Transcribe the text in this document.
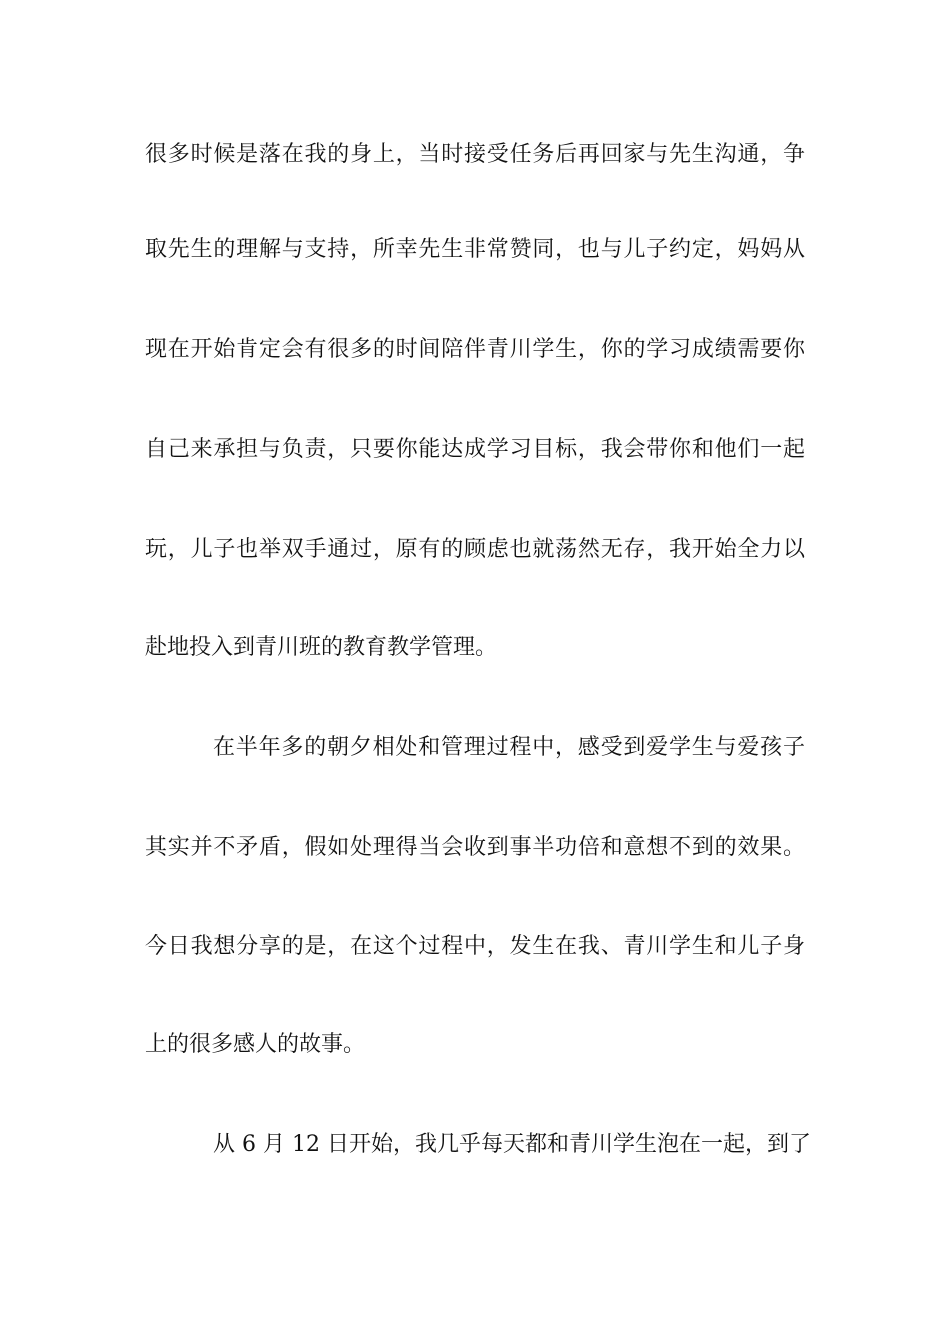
很多时候是落在我的身上，当时接受任务后再回家与先生沟通，争
取先生的理解与支持，所幸先生非常赞同，也与儿子约定，妈妈从
现在开始肯定会有很多的时间陪伴青川学生，你的学习成绩需要你
自己来承担与负责，只要你能达成学习目标，我会带你和他们一起
玩，儿子也举双手通过，原有的顾虑也就荡然无存，我开始全力以
赴地投入到青川班的教育教学管理。
在半年多的朝夕相处和管理过程中，感受到爱学生与爱孩子
其实并不矛盾，假如处理得当会收到事半功倍和意想不到的效果。
今日我想分享的是，在这个过程中，发生在我、青川学生和儿子身
上的很多感人的故事。
从 6 月 12 日开始，我几乎每天都和青川学生泡在一起，到了
